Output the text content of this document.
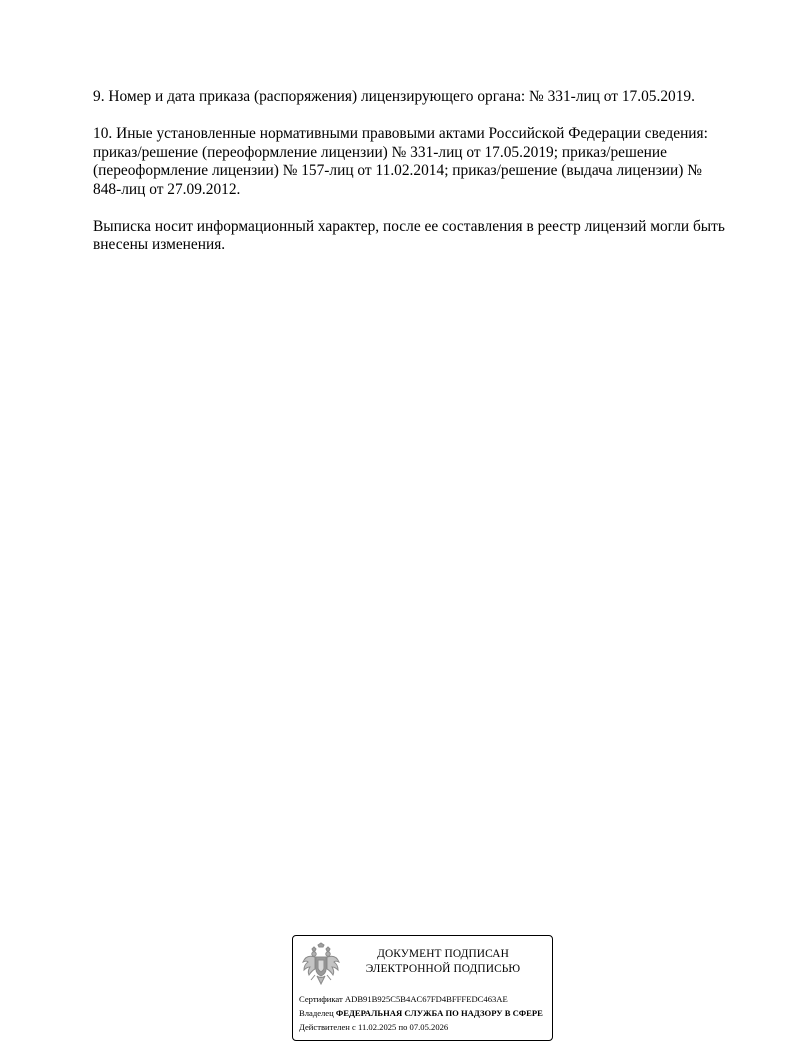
9. Номер и дата приказа (распоряжения) лицензирующего органа: № 331-лиц от 17.05.2019.

10. Иные установленные нормативными правовыми актами Российской Федерации сведения:
приказ/решение (переоформление лицензии) № 331-лиц от 17.05.2019; приказ/решение
(переоформление лицензии) № 157-лиц от 11.02.2014; приказ/решение (выдача лицензии) №
848-лиц от 27.09.2012.

Выписка носит информационный характер, после ее составления в реестр лицензий могли быть
внесены изменения.

ДОКУМЕНТ ПОДПИСАН
ЭЛЕКТРОННОЙ ПОДПИСЬЮ
Сертификат ADB91B925C5B4AC67FD4BFFFEDC463AE
Владелец ФЕДЕРАЛЬНАЯ СЛУЖБА ПО НАДЗОРУ В СФЕРЕ
Действителен с 11.02.2025 по 07.05.2026
